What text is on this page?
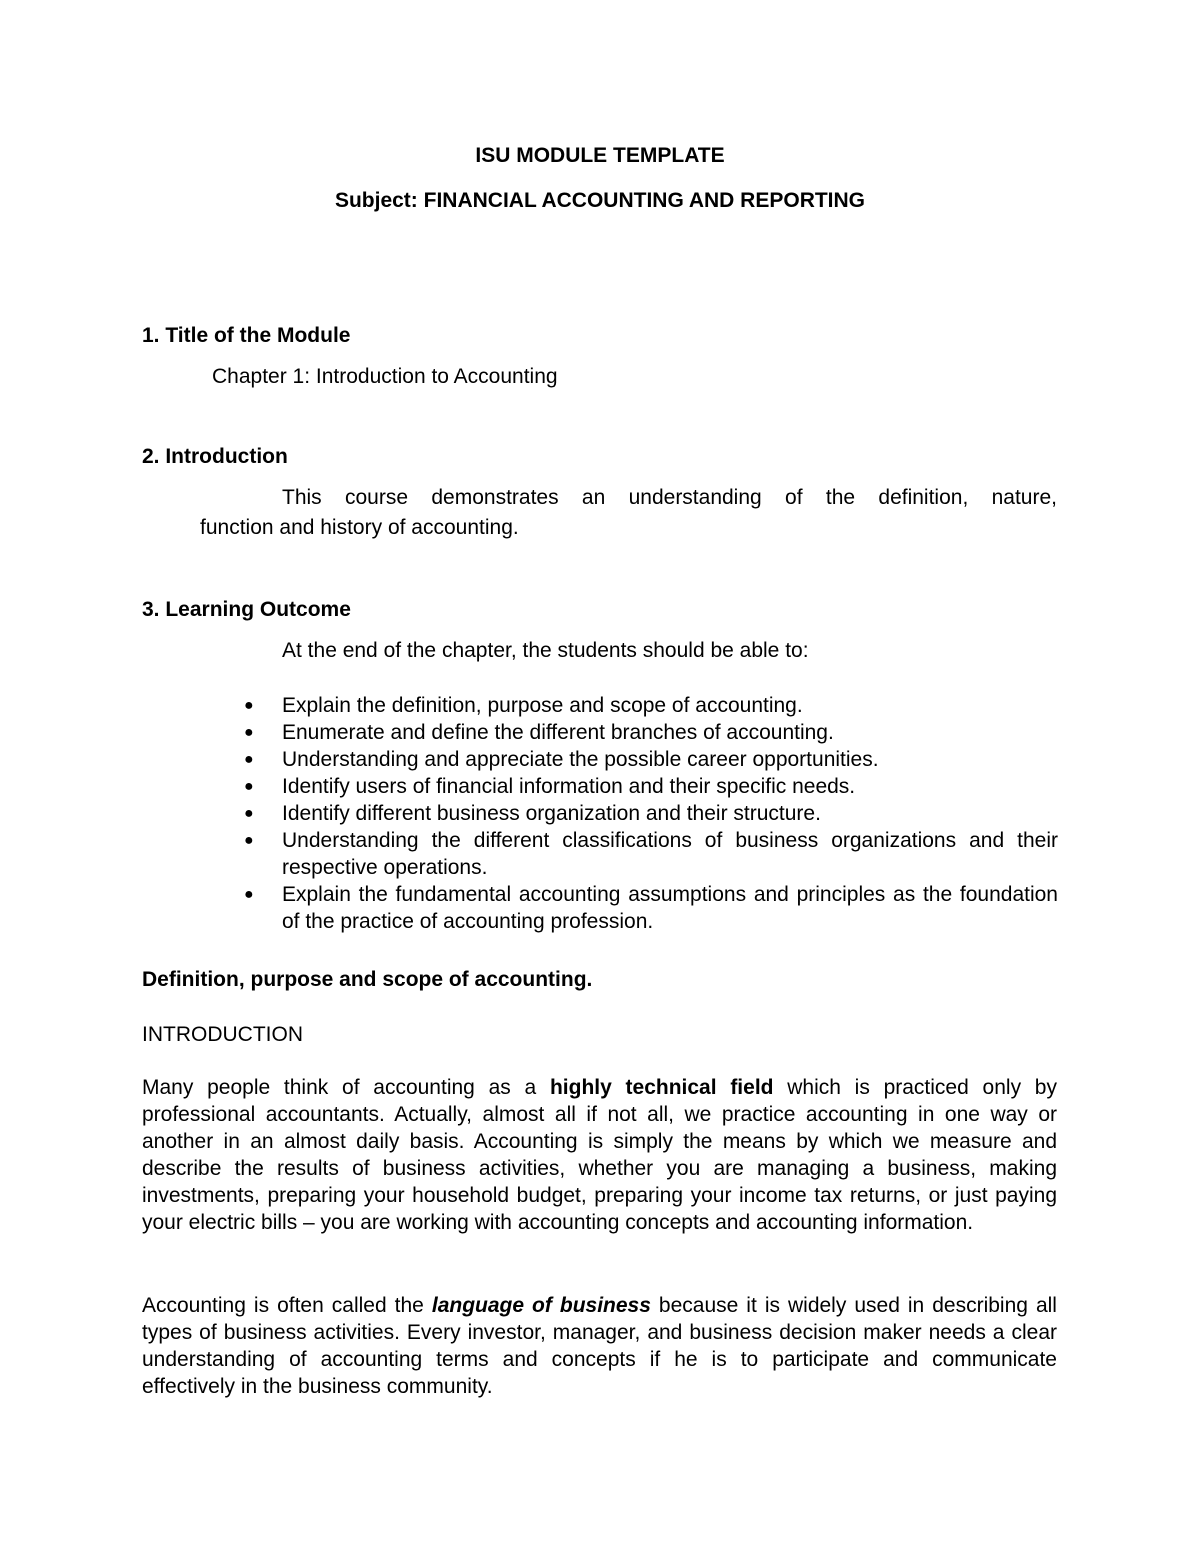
ISU MODULE TEMPLATE
Subject: FINANCIAL ACCOUNTING AND REPORTING
1. Title of the Module
Chapter 1: Introduction to Accounting
2. Introduction
This course demonstrates an understanding of the definition, nature,
function and history of accounting.
3. Learning Outcome
At the end of the chapter, the students should be able to:
● Explain the definition, purpose and scope of accounting.
● Enumerate and define the different branches of accounting.
● Understanding and appreciate the possible career opportunities.
● Identify users of financial information and their specific needs.
● Identify different business organization and their structure.
● Understanding the different classifications of business organizations and their respective operations.
● Explain the fundamental accounting assumptions and principles as the foundation of the practice of accounting profession.
Definition, purpose and scope of accounting.
INTRODUCTION
Many people think of accounting as a highly technical field which is practiced only by professional accountants. Actually, almost all if not all, we practice accounting in one way or another in an almost daily basis. Accounting is simply the means by which we measure and describe the results of business activities, whether you are managing a business, making investments, preparing your household budget, preparing your income tax returns, or just paying your electric bills – you are working with accounting concepts and accounting information.
Accounting is often called the language of business because it is widely used in describing all types of business activities. Every investor, manager, and business decision maker needs a clear understanding of accounting terms and concepts if he is to participate and communicate effectively in the business community.
